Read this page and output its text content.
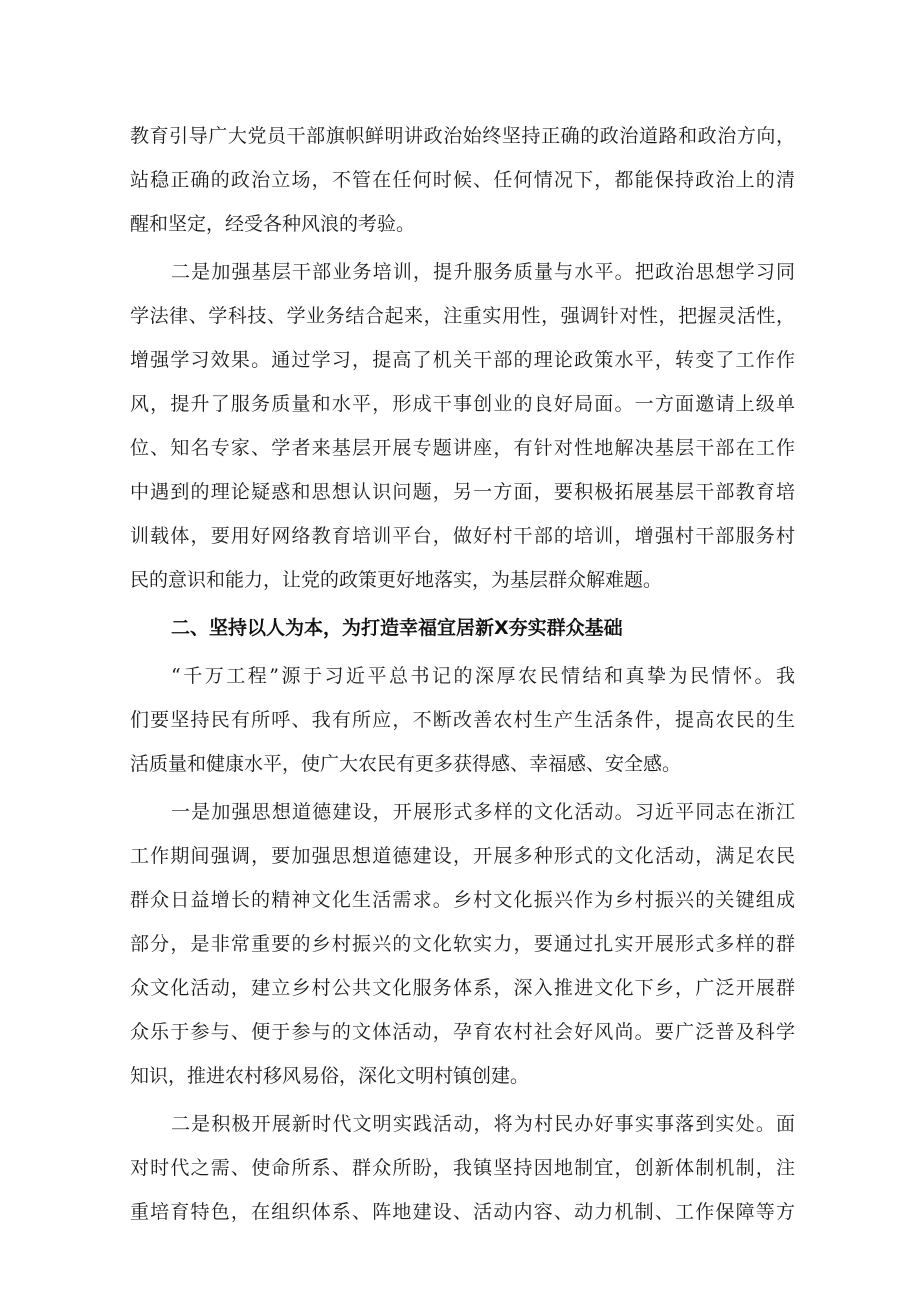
教育引导广大党员干部旗帜鲜明讲政治始终坚持正确的政治道路和政治方向，
站稳正确的政治立场，不管在任何时候、任何情况下，都能保持政治上的清
醒和坚定，经受各种风浪的考验。
二是加强基层干部业务培训，提升服务质量与水平。把政治思想学习同
学法律、学科技、学业务结合起来，注重实用性，强调针对性，把握灵活性，
增强学习效果。通过学习，提高了机关干部的理论政策水平，转变了工作作
风，提升了服务质量和水平，形成干事创业的良好局面。一方面邀请上级单
位、知名专家、学者来基层开展专题讲座，有针对性地解决基层干部在工作
中遇到的理论疑惑和思想认识问题，另一方面，要积极拓展基层干部教育培
训载体，要用好网络教育培训平台，做好村干部的培训，增强村干部服务村
民的意识和能力，让党的政策更好地落实，为基层群众解难题。
二、坚持以人为本，为打造幸福宜居新X夯实群众基础
“千万工程”源于习近平总书记的深厚农民情结和真挚为民情怀。我
们要坚持民有所呼、我有所应，不断改善农村生产生活条件，提高农民的生
活质量和健康水平，使广大农民有更多获得感、幸福感、安全感。
一是加强思想道德建设，开展形式多样的文化活动。习近平同志在浙江
工作期间强调，要加强思想道德建设，开展多种形式的文化活动，满足农民
群众日益增长的精神文化生活需求。乡村文化振兴作为乡村振兴的关键组成
部分，是非常重要的乡村振兴的文化软实力，要通过扎实开展形式多样的群
众文化活动，建立乡村公共文化服务体系，深入推进文化下乡，广泛开展群
众乐于参与、便于参与的文体活动，孕育农村社会好风尚。要广泛普及科学
知识，推进农村移风易俗，深化文明村镇创建。
二是积极开展新时代文明实践活动，将为村民办好事实事落到实处。面
对时代之需、使命所系、群众所盼，我镇坚持因地制宜，创新体制机制，注
重培育特色，在组织体系、阵地建设、活动内容、动力机制、工作保障等方
